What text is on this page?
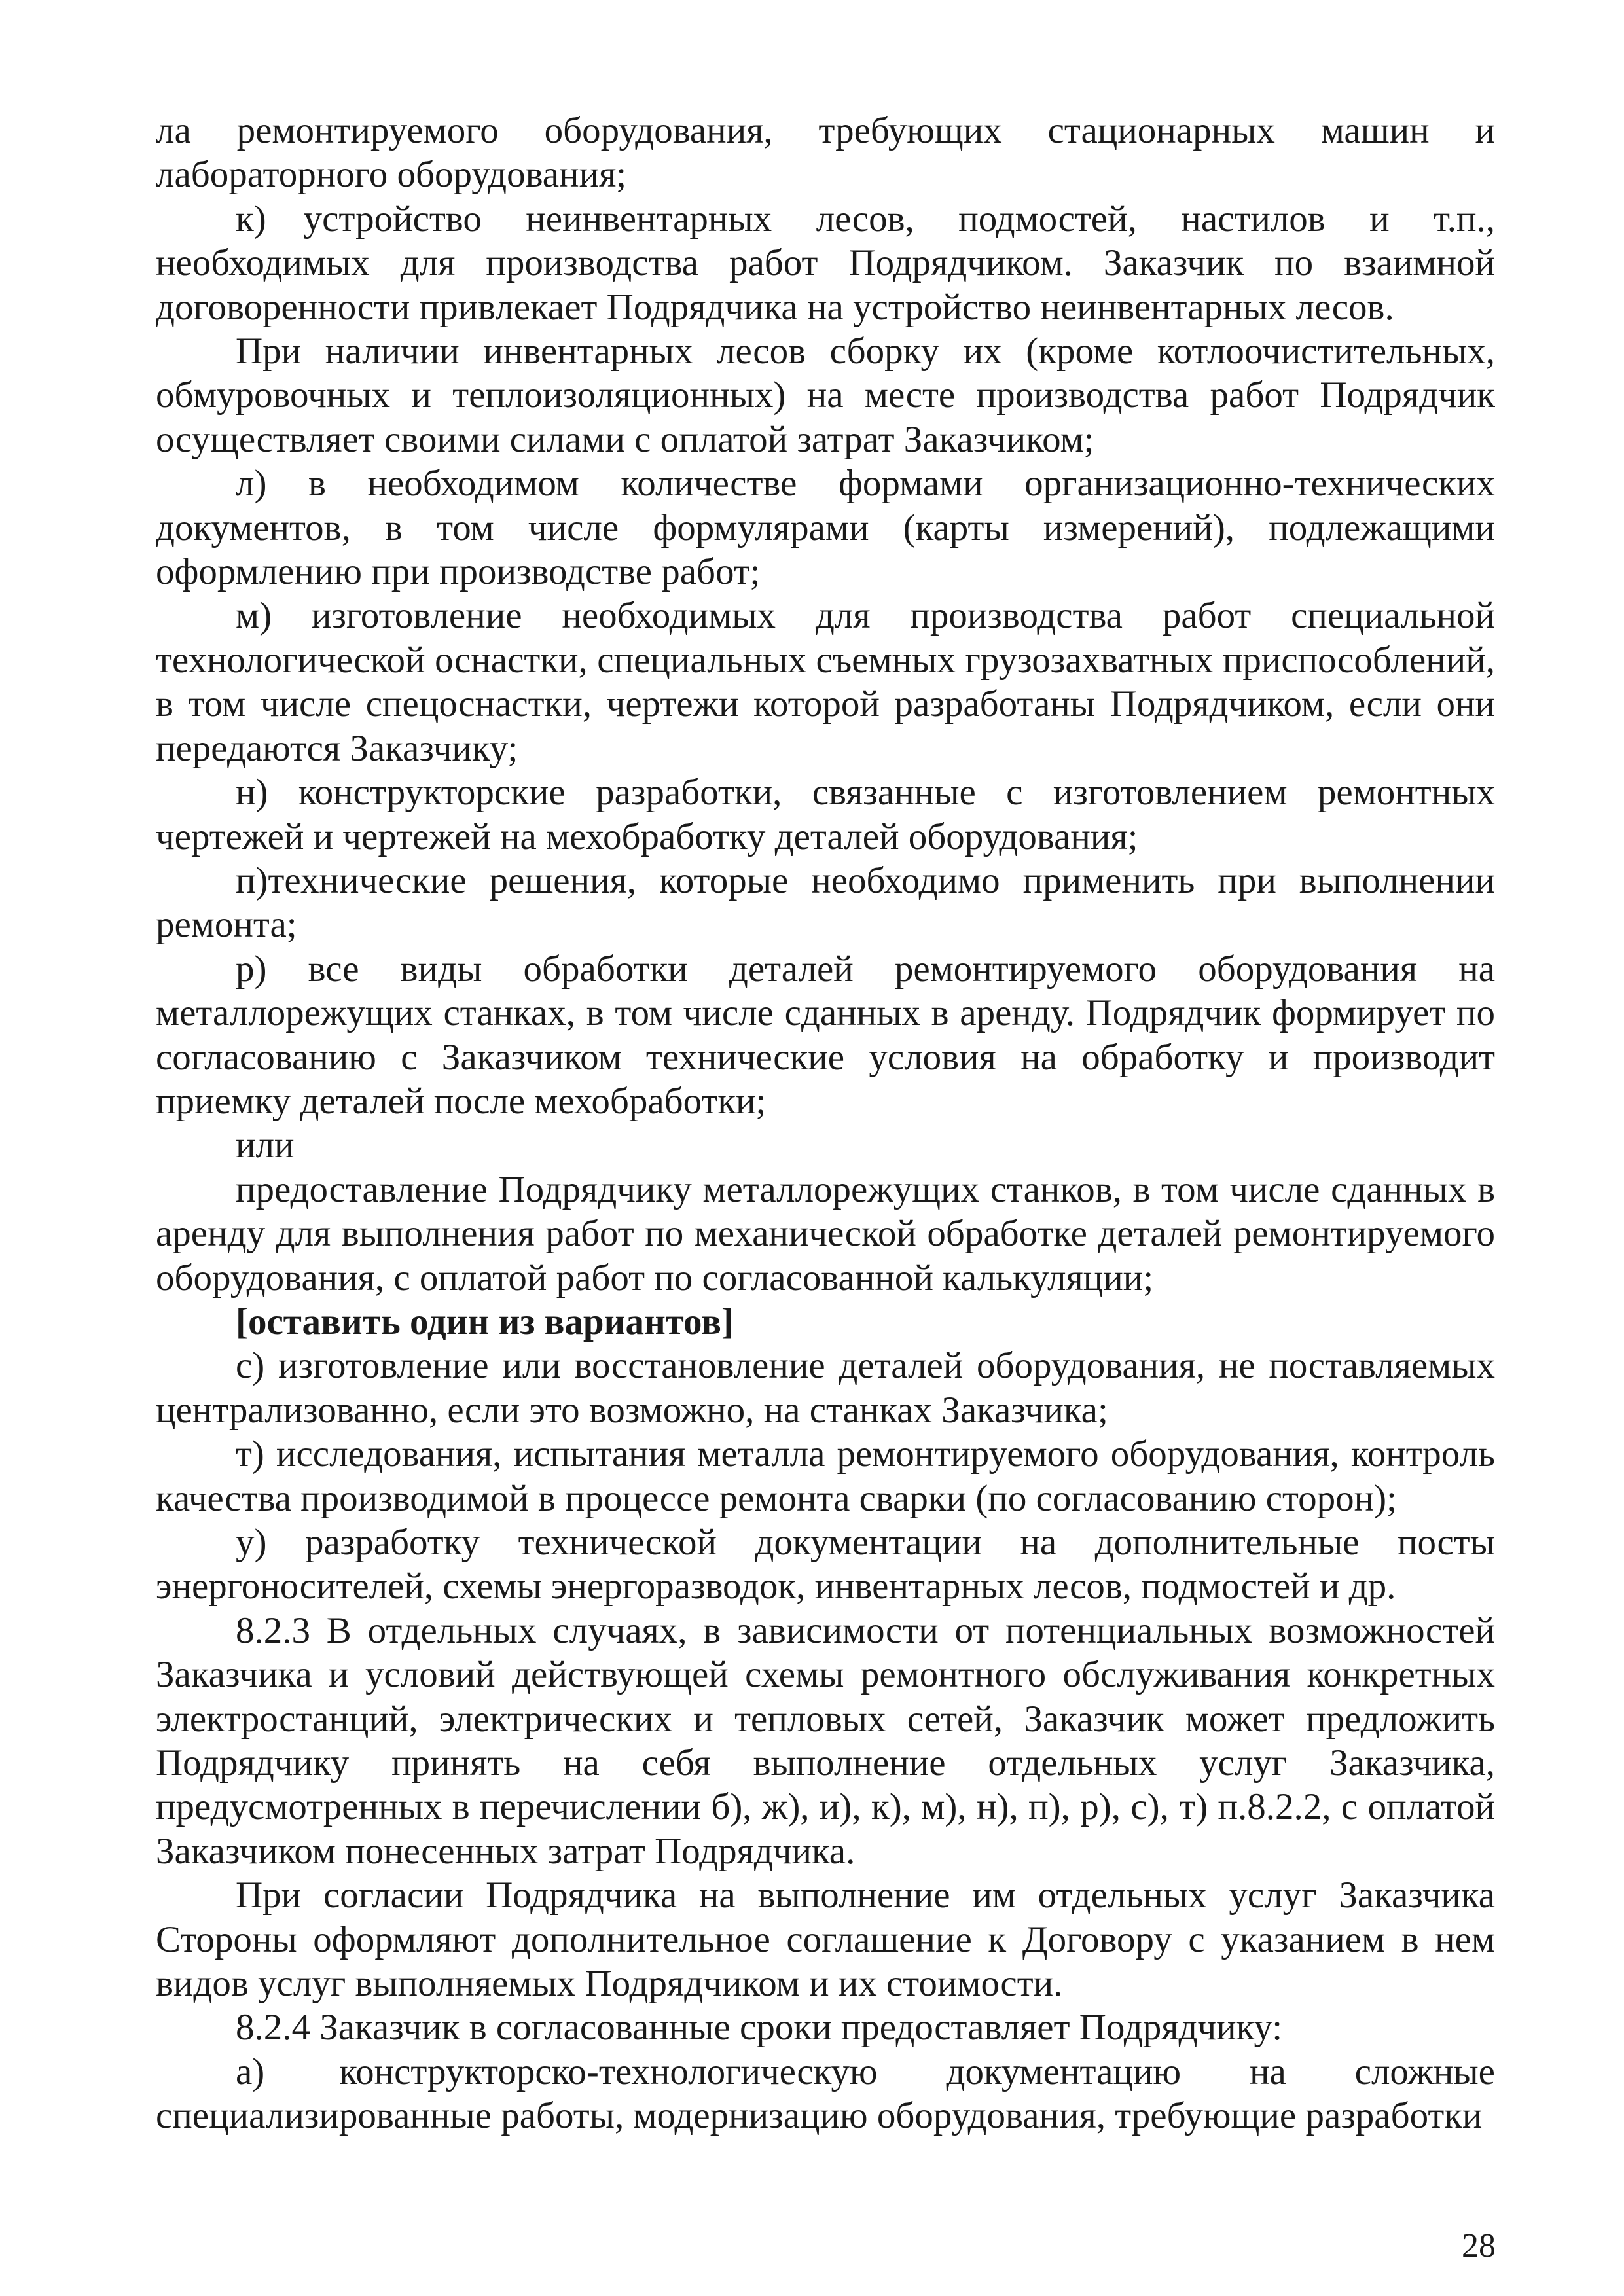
ла ремонтируемого оборудования, требующих стационарных машин и лабораторного оборудования;

к) устройство неинвентарных лесов, подмостей, настилов и т.п., необходимых для производства работ Подрядчиком. Заказчик по взаимной договоренности привлекает Подрядчика на устройство неинвентарных лесов.

При наличии инвентарных лесов сборку их (кроме котлоочистительных, обмуровочных и теплоизоляционных) на месте производства работ Подрядчик осуществляет своими силами с оплатой затрат Заказчиком;

л) в необходимом количестве формами организационно-технических документов, в том числе формулярами (карты измерений), подлежащими оформлению при производстве работ;

м) изготовление необходимых для производства работ специальной технологической оснастки, специальных съемных грузозахватных приспособлений, в том числе спецоснастки, чертежи которой разработаны Подрядчиком, если они передаются Заказчику;

н) конструкторские разработки, связанные с изготовлением ремонтных чертежей и чертежей на мехобработку деталей оборудования;

п)технические решения, которые необходимо применить при выполнении ремонта;

р) все виды обработки деталей ремонтируемого оборудования на металлорежущих станках, в том числе сданных в аренду. Подрядчик формирует по согласованию с Заказчиком технические условия на обработку и производит приемку деталей после мехобработки;

или

предоставление Подрядчику металлорежущих станков, в том числе сданных в аренду для выполнения работ по механической обработке деталей ремонтируемого оборудования, с оплатой работ по согласованной калькуляции;

[оставить один из вариантов]

с) изготовление или восстановление деталей оборудования, не поставляемых централизованно, если это возможно, на станках Заказчика;

т) исследования, испытания металла ремонтируемого оборудования, контроль качества производимой в процессе ремонта сварки (по согласованию сторон);

у) разработку технической документации на дополнительные посты энергоносителей, схемы энергоразводок, инвентарных лесов, подмостей и др.

8.2.3 В отдельных случаях, в зависимости от потенциальных возможностей Заказчика и условий действующей схемы ремонтного обслуживания конкретных электростанций, электрических и тепловых сетей, Заказчик может предложить Подрядчику принять на себя выполнение отдельных услуг Заказчика, предусмотренных в перечислении б), ж), и), к), м), н), п), р), с), т) п.8.2.2, с оплатой Заказчиком понесенных затрат Подрядчика.

При согласии Подрядчика на выполнение им отдельных услуг Заказчика Стороны оформляют дополнительное соглашение к Договору с указанием в нем видов услуг выполняемых Подрядчиком и их стоимости.

8.2.4 Заказчик в согласованные сроки предоставляет Подрядчику:

а)  конструкторско-технологическую документацию на сложные специализированные работы, модернизацию оборудования, требующие разработки

28
